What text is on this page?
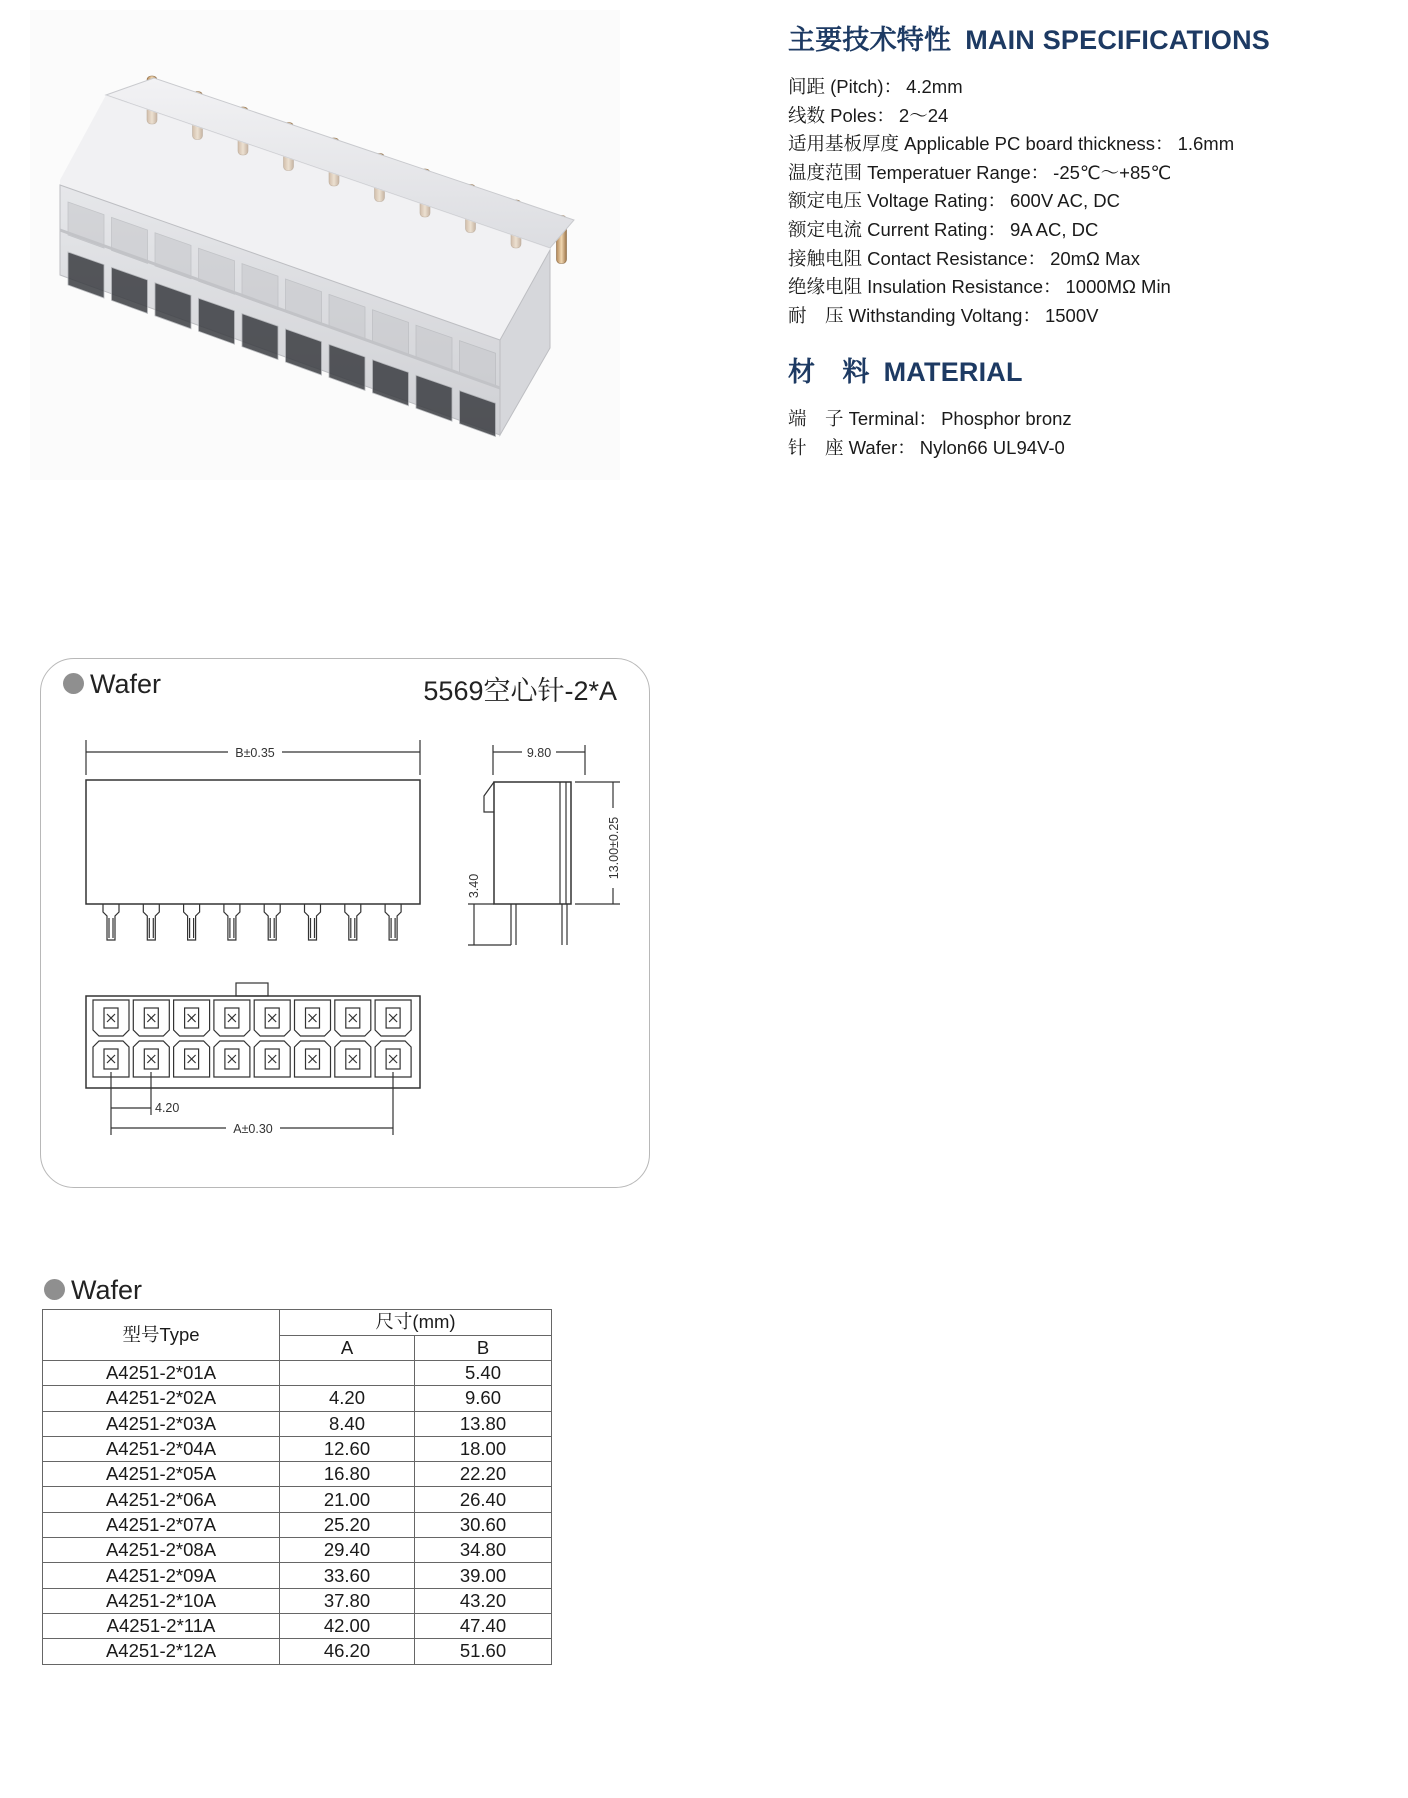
主要技术特性 MAIN SPECIFICATIONS
间距 (Pitch)： 4.2mm
线数 Poles： 2～24
适用基板厚度 Applicable PC board thickness： 1.6mm
温度范围 Temperatuer Range： -25℃～+85℃
额定电压 Voltage Rating： 600V AC, DC
额定电流 Current Rating： 9A AC, DC
接触电阻 Contact Resistance： 20mΩ Max
绝缘电阻 Insulation Resistance： 1000MΩ Min
耐　压 Withstanding Voltang： 1500V
材　料 MATERIAL
端　子 Terminal： Phosphor bronz
针　座 Wafer： Nylon66 UL94V-0
Wafer	5569空心针-2*A
B±0.35	9.80
13.00±0.25
3.40
4.20
A±0.30
Wafer
型号Type	尺寸(mm)	
	A	B
A4251-2*01A		5.40
A4251-2*02A	4.20	9.60
A4251-2*03A	8.40	13.80
A4251-2*04A	12.60	18.00
A4251-2*05A	16.80	22.20
A4251-2*06A	21.00	26.40
A4251-2*07A	25.20	30.60
A4251-2*08A	29.40	34.80
A4251-2*09A	33.60	39.00
A4251-2*10A	37.80	43.20
A4251-2*11A	42.00	47.40
A4251-2*12A	46.20	51.60
